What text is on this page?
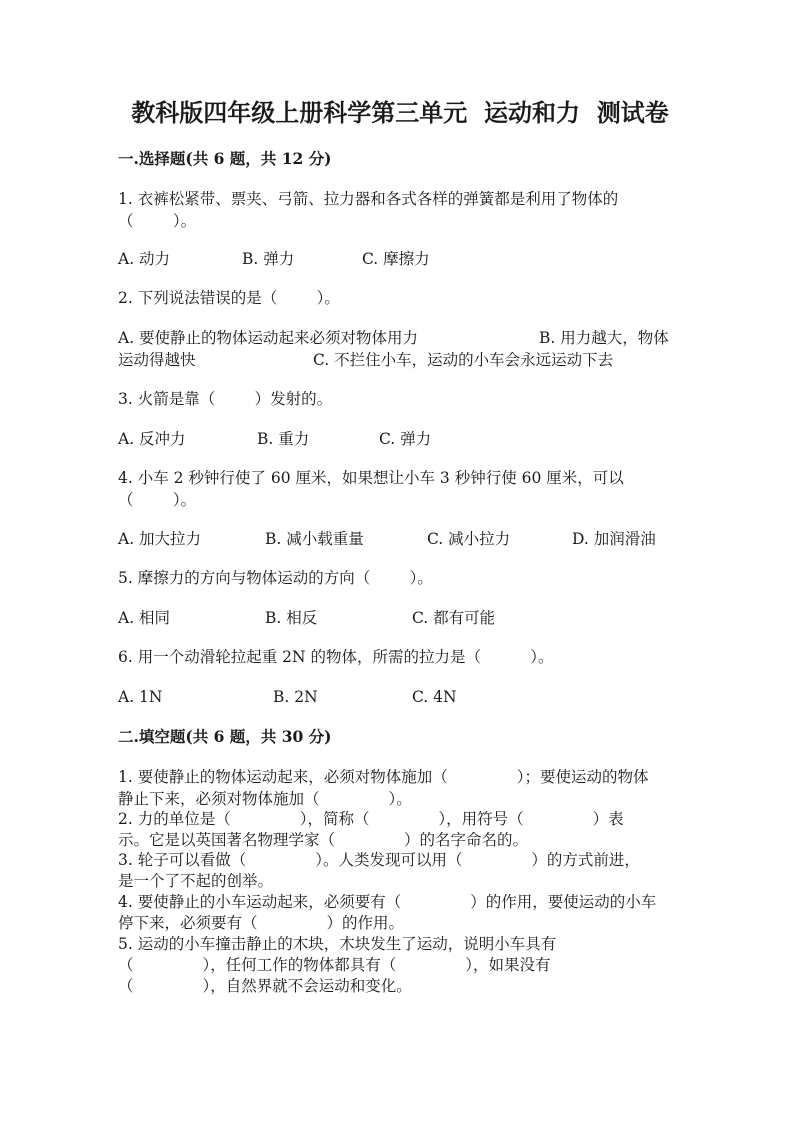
教科版四年级上册科学第三单元  运动和力  测试卷
一.选择题(共 6 题，共 12 分)
1. 衣裤松紧带、票夹、弓箭、拉力器和各式各样的弹簧都是利用了物体的
（        ）。
A. 动力	B. 弹力	C. 摩擦力
2. 下列说法错误的是（        ）。
A. 要使静止的物体运动起来必须对物体用力	B. 用力越大，物体
运动得越快	C. 不拦住小车，运动的小车会永远运动下去
3. 火箭是靠（        ）发射的。
A. 反冲力	B. 重力	C. 弹力
4. 小车 2 秒钟行使了 60 厘米，如果想让小车 3 秒钟行使 60 厘米，可以
（        ）。
A. 加大拉力	B. 减小载重量	C. 减小拉力	D. 加润滑油
5. 摩擦力的方向与物体运动的方向（        ）。
A. 相同	B. 相反	C. 都有可能
6. 用一个动滑轮拉起重 2N 的物体，所需的拉力是（          ）。
A. 1N	B. 2N	C. 4N
二.填空题(共 6 题，共 30 分)
1. 要使静止的物体运动起来，必须对物体施加（              ）；要使运动的物体
静止下来，必须对物体施加（              ）。
2. 力的单位是（              ），简称（              ），用符号（              ）表
示。它是以英国著名物理学家（              ）的名字命名的。
3. 轮子可以看做（              ）。人类发现可以用（              ）的方式前进，
是一个了不起的创举。
4. 要使静止的小车运动起来，必须要有（              ）的作用，要使运动的小车
停下来，必须要有（              ）的作用。
5. 运动的小车撞击静止的木块，木块发生了运动，说明小车具有
（              ），任何工作的物体都具有（              ），如果没有
（              ），自然界就不会运动和变化。
